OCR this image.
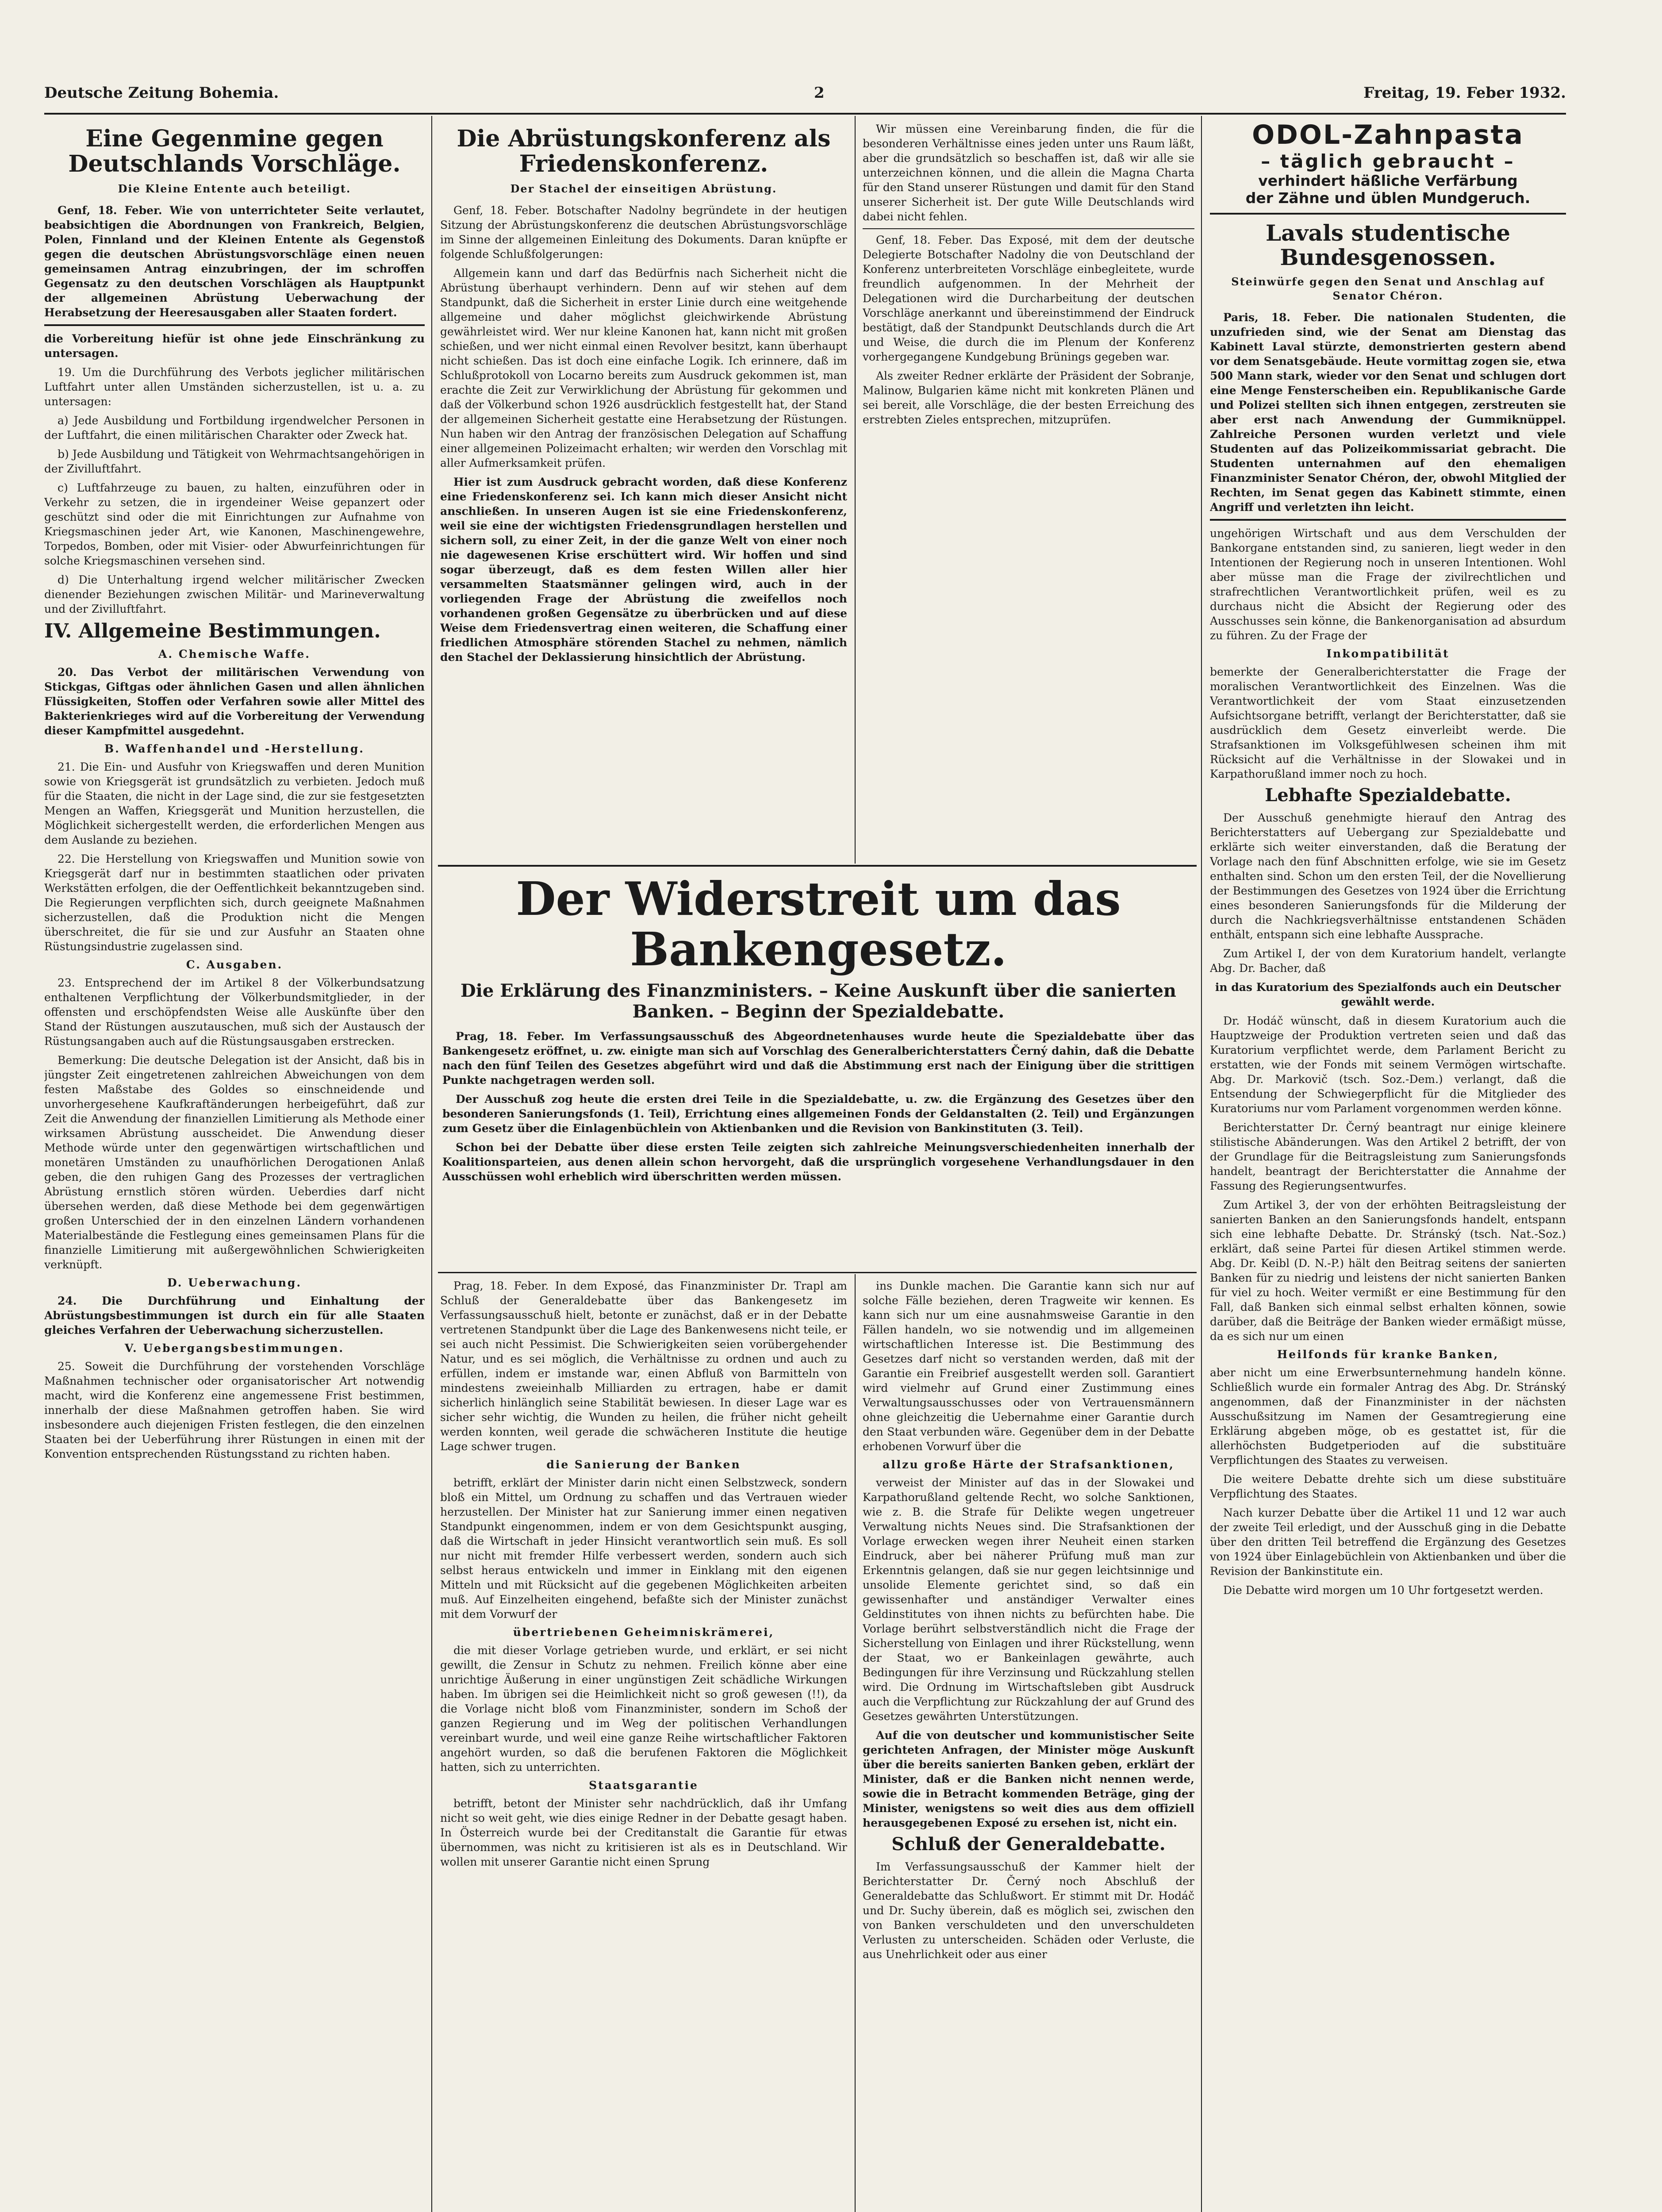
Deutsche Zeitung Bohemia.	2	Freitag, 19. Feber 1932.
Eine Gegenmine gegen Deutschlands Vorschläge.
Die Kleine Entente auch beteiligt.

Genf, 18. Feber. Wie von unterrichteter Seite verlautet, beabsichtigen die Abordnungen von Frankreich, Belgien, Polen, Finnland und der Kleinen Entente als Gegenstoß gegen die deutschen Abrüstungsvorschläge einen neuen gemeinsamen Antrag einzubringen, der im schroffen Gegensatz zu den deutschen Vorschlägen als Hauptpunkt der allgemeinen Abrüstung Ueberwachung der Herabsetzung der Heeresausgaben aller Staaten fordert.

die Vorbereitung hiefür ist ohne jede Einschränkung zu untersagen.

19. Um die Durchführung des Verbots jeglicher militärischen Luftfahrt unter allen Umständen sicherzustellen, ist u. a. zu untersagen:

a) Jede Ausbildung und Fortbildung irgendwelcher Personen in der Luftfahrt, die einen militärischen Charakter oder Zweck hat.

b) Jede Ausbildung und Tätigkeit von Wehrmachtsangehörigen in der Zivilluftfahrt.

c) Luftfahrzeuge zu bauen, zu halten, einzuführen oder in Verkehr zu setzen, die in irgendeiner Weise gepanzert oder geschützt sind oder die mit Einrichtungen zur Aufnahme von Kriegsmaschinen jeder Art, wie Kanonen, Maschinengewehre, Torpedos, Bomben, oder mit Visier- oder Abwurfeinrichtungen für solche Kriegsmaschinen versehen sind.

d) Die Unterhaltung irgend welcher militärischer Zwecken dienender Beziehungen zwischen Militär- und Marineverwaltung und der Zivilluftfahrt.

IV. Allgemeine Bestimmungen.
A. Chemische Waffe.

20. Das Verbot der militärischen Verwendung von Stickgas, Giftgas oder ähnlichen Gasen und allen ähnlichen Flüssigkeiten, Stoffen oder Verfahren sowie aller Mittel des Bakterienkrieges wird auf die Vorbereitung der Verwendung dieser Kampfmittel ausgedehnt.

B. Waffenhandel und -Herstellung.

21. Die Ein- und Ausfuhr von Kriegswaffen und deren Munition sowie von Kriegsgerät ist grundsätzlich zu verbieten. Jedoch muß für die Staaten, die nicht in der Lage sind, die zur sie festgesetzten Mengen an Waffen, Kriegsgerät und Munition herzustellen, die Möglichkeit sichergestellt werden, die erforderlichen Mengen aus dem Auslande zu beziehen.

22. Die Herstellung von Kriegswaffen und Munition sowie von Kriegsgerät darf nur in bestimmten staatlichen oder privaten Werkstätten erfolgen, die der Oeffentlichkeit bekanntzugeben sind. Die Regierungen verpflichten sich, durch geeignete Maßnahmen sicherzustellen, daß die Produktion nicht die Mengen überschreitet, die für sie und zur Ausfuhr an Staaten ohne Rüstungsindustrie zugelassen sind.

C. Ausgaben.

23. Entsprechend der im Artikel 8 der Völkerbundsatzung enthaltenen Verpflichtung der Völkerbundsmitglieder, in der offensten und erschöpfendsten Weise alle Auskünfte über den Stand der Rüstungen auszutauschen, muß sich der Austausch der Rüstungsangaben auch auf die Rüstungsausgaben erstrecken.

Bemerkung: Die deutsche Delegation ist der Ansicht, daß bis in jüngster Zeit eingetretenen zahlreichen Abweichungen von dem festen Maßstabe des Goldes so einschneidende und unvorhergesehene Kaufkraftänderungen herbeigeführt, daß zur Zeit die Anwendung der finanziellen Limitierung als Methode einer wirksamen Abrüstung ausscheidet. Die Anwendung dieser Methode würde unter den gegenwärtigen wirtschaftlichen und monetären Umständen zu unaufhörlichen Derogationen Anlaß geben, die den ruhigen Gang des Prozesses der vertraglichen Abrüstung ernstlich stören würden. Ueberdies darf nicht übersehen werden, daß diese Methode bei dem gegenwärtigen großen Unterschied der in den einzelnen Ländern vorhandenen Materialbestände die Festlegung eines gemeinsamen Plans für die finanzielle Limitierung mit außergewöhnlichen Schwierigkeiten verknüpft.

D. Ueberwachung.

24. Die Durchführung und Einhaltung der Abrüstungsbestimmungen ist durch ein für alle Staaten gleiches Verfahren der Ueberwachung sicherzustellen.

V. Uebergangsbestimmungen.

25. Soweit die Durchführung der vorstehenden Vorschläge Maßnahmen technischer oder organisatorischer Art notwendig macht, wird die Konferenz eine angemessene Frist bestimmen, innerhalb der diese Maßnahmen getroffen haben. Sie wird insbesondere auch diejenigen Fristen festlegen, die den einzelnen Staaten bei der Ueberführung ihrer Rüstungen in einen mit der Konvention entsprechenden Rüstungsstand zu richten haben.

Die Abrüstungskonferenz als Friedenskonferenz.
Der Stachel der einseitigen Abrüstung.

Genf, 18. Feber. Botschafter Nadolny begründete in der heutigen Sitzung der Abrüstungskonferenz die deutschen Abrüstungsvorschläge im Sinne der allgemeinen Einleitung des Dokuments. Daran knüpfte er folgende Schlußfolgerungen:

Allgemein kann und darf das Bedürfnis nach Sicherheit nicht die Abrüstung überhaupt verhindern. Denn auf wir stehen auf dem Standpunkt, daß die Sicherheit in erster Linie durch eine weitgehende allgemeine und daher möglichst gleichwirkende Abrüstung gewährleistet wird. Wer nur kleine Kanonen hat, kann nicht mit großen schießen, und wer nicht einmal einen Revolver besitzt, kann überhaupt nicht schießen. Das ist doch eine einfache Logik. Ich erinnere, daß im Schlußprotokoll von Locarno bereits zum Ausdruck gekommen ist, man erachte die Zeit zur Verwirklichung der Abrüstung für gekommen und daß der Völkerbund schon 1926 ausdrücklich festgestellt hat, der Stand der allgemeinen Sicherheit gestatte eine Herabsetzung der Rüstungen. Nun haben wir den Antrag der französischen Delegation auf Schaffung einer allgemeinen Polizeimacht erhalten; wir werden den Vorschlag mit aller Aufmerksamkeit prüfen.

Hier ist zum Ausdruck gebracht worden, daß diese Konferenz eine Friedenskonferenz sei. Ich kann mich dieser Ansicht nicht anschließen. In unseren Augen ist sie eine Friedenskonferenz, weil sie eine der wichtigsten Friedensgrundlagen herstellen und sichern soll, zu einer Zeit, in der die ganze Welt von einer noch nie dagewesenen Krise erschüttert wird. Wir hoffen und sind sogar überzeugt, daß es dem festen Willen aller hier versammelten Staatsmänner gelingen wird, auch in der vorliegenden Frage der Abrüstung die zweifellos noch vorhandenen großen Gegensätze zu überbrücken und auf diese Weise dem Friedensvertrag einen weiteren, die Schaffung einer friedlichen Atmosphäre störenden Stachel zu nehmen, nämlich den Stachel der Deklassierung hinsichtlich der Abrüstung.

Wir müssen eine Vereinbarung finden, die für die besonderen Verhältnisse eines jeden unter uns Raum läßt, aber die grundsätzlich so beschaffen ist, daß wir alle sie unterzeichnen können, und die allein die Magna Charta für den Stand unserer Rüstungen und damit für den Stand unserer Sicherheit ist. Der gute Wille Deutschlands wird dabei nicht fehlen.

Genf, 18. Feber. Das Exposé, mit dem der deutsche Delegierte Botschafter Nadolny die von Deutschland der Konferenz unterbreiteten Vorschläge einbegleitete, wurde freundlich aufgenommen. In der Mehrheit der Delegationen wird die Durcharbeitung der deutschen Vorschläge anerkannt und übereinstimmend der Eindruck bestätigt, daß der Standpunkt Deutschlands durch die Art und Weise, die durch die im Plenum der Konferenz vorhergegangene Kundgebung Brünings gegeben war.

Als zweiter Redner erklärte der Präsident der Sobranje, Malinow, Bulgarien käme nicht mit konkreten Plänen und sei bereit, alle Vorschläge, die der besten Erreichung des erstrebten Zieles entsprechen, mitzuprüfen.

Der Widerstreit um das Bankengesetz.
Die Erklärung des Finanzministers. – Keine Auskunft über die sanierten Banken. – Beginn der Spezialdebatte.

Prag, 18. Feber. Im Verfassungsausschuß des Abgeordnetenhauses wurde heute die Spezialdebatte über das Bankengesetz eröffnet, u. zw. einigte man sich auf Vorschlag des Generalberichterstatters Černý dahin, daß die Debatte nach den fünf Teilen des Gesetzes abgeführt wird und daß die Abstimmung erst nach der Einigung über die strittigen Punkte nachgetragen werden soll.

Der Ausschuß zog heute die ersten drei Teile in die Spezialdebatte, u. zw. die Ergänzung des Gesetzes über den besonderen Sanierungsfonds (1. Teil), Errichtung eines allgemeinen Fonds der Geldanstalten (2. Teil) und Ergänzungen zum Gesetz über die Einlagenbüchlein von Aktienbanken und die Revision von Bankinstituten (3. Teil).

Schon bei der Debatte über diese ersten Teile zeigten sich zahlreiche Meinungsverschiedenheiten innerhalb der Koalitionsparteien, aus denen allein schon hervorgeht, daß die ursprünglich vorgesehene Verhandlungsdauer in den Ausschüssen wohl erheblich wird überschritten werden müssen.

Prag, 18. Feber. In dem Exposé, das Finanzminister Dr. Trapl am Schluß der Generaldebatte über das Bankengesetz im Verfassungsausschuß hielt, betonte er zunächst, daß er in der Debatte vertretenen Standpunkt über die Lage des Bankenwesens nicht teile, er sei auch nicht Pessimist. Die Schwierigkeiten seien vorübergehender Natur, und es sei möglich, die Verhältnisse zu ordnen und auch zu erfüllen, indem er imstande war, einen Abfluß von Barmitteln von mindestens zweieinhalb Milliarden zu ertragen, habe er damit sicherlich hinlänglich seine Stabilität bewiesen. In dieser Lage war es sicher sehr wichtig, die Wunden zu heilen, die früher nicht geheilt werden konnten, weil gerade die schwächeren Institute die heutige Lage schwer trugen.

die Sanierung der Banken

betrifft, erklärt der Minister darin nicht einen Selbstzweck, sondern bloß ein Mittel, um Ordnung zu schaffen und das Vertrauen wieder herzustellen. Der Minister hat zur Sanierung immer einen negativen Standpunkt eingenommen, indem er von dem Gesichtspunkt ausging, daß die Wirtschaft in jeder Hinsicht verantwortlich sein muß. Es soll nur nicht mit fremder Hilfe verbessert werden, sondern auch sich selbst heraus entwickeln und immer in Einklang mit den eigenen Mitteln und mit Rücksicht auf die gegebenen Möglichkeiten arbeiten muß. Auf Einzelheiten eingehend, befaßte sich der Minister zunächst mit dem Vorwurf der

übertriebenen Geheimniskrämerei,

die mit dieser Vorlage getrieben wurde, und erklärt, er sei nicht gewillt, die Zensur in Schutz zu nehmen. Freilich könne aber eine unrichtige Äußerung in einer ungünstigen Zeit schädliche Wirkungen haben. Im übrigen sei die Heimlichkeit nicht so groß gewesen (!!), da die Vorlage nicht bloß vom Finanzminister, sondern im Schoß der ganzen Regierung und im Weg der politischen Verhandlungen vereinbart wurde, und weil eine ganze Reihe wirtschaftlicher Faktoren angehört wurden, so daß die berufenen Faktoren die Möglichkeit hatten, sich zu unterrichten.

Staatsgarantie

betrifft, betont der Minister sehr nachdrücklich, daß ihr Umfang nicht so weit geht, wie dies einige Redner in der Debatte gesagt haben. In Österreich wurde bei der Creditanstalt die Garantie für etwas übernommen, was nicht zu kritisieren ist als es in Deutschland. Wir wollen mit unserer Garantie nicht einen Sprung

ins Dunkle machen. Die Garantie kann sich nur auf solche Fälle beziehen, deren Tragweite wir kennen. Es kann sich nur um eine ausnahmsweise Garantie in den Fällen handeln, wo sie notwendig und im allgemeinen wirtschaftlichen Interesse ist. Die Bestimmung des Gesetzes darf nicht so verstanden werden, daß mit der Garantie ein Freibrief ausgestellt werden soll. Garantiert wird vielmehr auf Grund einer Zustimmung eines Verwaltungsausschusses oder von Vertrauensmännern ohne gleichzeitig die Uebernahme einer Garantie durch den Staat verbunden wäre. Gegenüber dem in der Debatte erhobenen Vorwurf über die

allzu große Härte der Strafsanktionen,

verweist der Minister auf das in der Slowakei und Karpathorußland geltende Recht, wo solche Sanktionen, wie z. B. die Strafe für Delikte wegen ungetreuer Verwaltung nichts Neues sind. Die Strafsanktionen der Vorlage erwecken wegen ihrer Neuheit einen starken Eindruck, aber bei näherer Prüfung muß man zur Erkenntnis gelangen, daß sie nur gegen leichtsinnige und unsolide Elemente gerichtet sind, so daß ein gewissenhafter und anständiger Verwalter eines Geldinstitutes von ihnen nichts zu befürchten habe. Die Vorlage berührt selbstverständlich nicht die Frage der Sicherstellung von Einlagen und ihrer Rückstellung, wenn der Staat, wo er Bankeinlagen gewährte, auch Bedingungen für ihre Verzinsung und Rückzahlung stellen wird. Die Ordnung im Wirtschaftsleben gibt Ausdruck auch die Verpflichtung zur Rückzahlung der auf Grund des Gesetzes gewährten Unterstützungen.

Auf die von deutscher und kommunistischer Seite gerichteten Anfragen, der Minister möge Auskunft über die bereits sanierten Banken geben, erklärt der Minister, daß er die Banken nicht nennen werde, sowie die in Betracht kommenden Beträge, ging der Minister, wenigstens so weit dies aus dem offiziell herausgegebenen Exposé zu ersehen ist, nicht ein.

Schluß der Generaldebatte.

Im Verfassungsausschuß der Kammer hielt der Berichterstatter Dr. Černý noch Abschluß der Generaldebatte das Schlußwort. Er stimmt mit Dr. Hodáč und Dr. Suchy überein, daß es möglich sei, zwischen den von Banken verschuldeten und den unverschuldeten Verlusten zu unterscheiden. Schäden oder Verluste, die aus Unehrlichkeit oder aus einer

ODOL-Zahnpasta
– täglich gebraucht –
verhindert häßliche Verfärbung
der Zähne und üblen Mundgeruch.
Lavals studentische Bundesgenossen.
Steinwürfe gegen den Senat und Anschlag auf Senator Chéron.

Paris, 18. Feber. Die nationalen Studenten, die unzufrieden sind, wie der Senat am Dienstag das Kabinett Laval stürzte, demonstrierten gestern abend vor dem Senatsgebäude. Heute vormittag zogen sie, etwa 500 Mann stark, wieder vor den Senat und schlugen dort eine Menge Fensterscheiben ein. Republikanische Garde und Polizei stellten sich ihnen entgegen, zerstreuten sie aber erst nach Anwendung der Gummiknüppel. Zahlreiche Personen wurden verletzt und viele Studenten auf das Polizeikommissariat gebracht. Die Studenten unternahmen auf den ehemaligen Finanzminister Senator Chéron, der, obwohl Mitglied der Rechten, im Senat gegen das Kabinett stimmte, einen Angriff und verletzten ihn leicht.

ungehörigen Wirtschaft und aus dem Verschulden der Bankorgane entstanden sind, zu sanieren, liegt weder in den Intentionen der Regierung noch in unseren Intentionen. Wohl aber müsse man die Frage der zivilrechtlichen und strafrechtlichen Verantwortlichkeit prüfen, weil es zu durchaus nicht die Absicht der Regierung oder des Ausschusses sein könne, die Bankenorganisation ad absurdum zu führen. Zu der Frage der

Inkompatibilität

bemerkte der Generalberichterstatter die Frage der moralischen Verantwortlichkeit des Einzelnen. Was die Verantwortlichkeit der vom Staat einzusetzenden Aufsichtsorgane betrifft, verlangt der Berichterstatter, daß sie ausdrücklich dem Gesetz einverleibt werde. Die Strafsanktionen im Volksgefühlwesen scheinen ihm mit Rücksicht auf die Verhältnisse in der Slowakei und in Karpathorußland immer noch zu hoch.

Lebhafte Spezialdebatte.

Der Ausschuß genehmigte hierauf den Antrag des Berichterstatters auf Uebergang zur Spezialdebatte und erklärte sich weiter einverstanden, daß die Beratung der Vorlage nach den fünf Abschnitten erfolge, wie sie im Gesetz enthalten sind. Schon um den ersten Teil, der die Novellierung der Bestimmungen des Gesetzes von 1924 über die Errichtung eines besonderen Sanierungsfonds für die Milderung der durch die Nachkriegsverhältnisse entstandenen Schäden enthält, entspann sich eine lebhafte Aussprache.

Zum Artikel I, der von dem Kuratorium handelt, verlangte Abg. Dr. Bacher, daß

in das Kuratorium des Spezialfonds auch ein Deutscher gewählt werde.

Dr. Hodáč wünscht, daß in diesem Kuratorium auch die Hauptzweige der Produktion vertreten seien und daß das Kuratorium verpflichtet werde, dem Parlament Bericht zu erstatten, wie der Fonds mit seinem Vermögen wirtschafte. Abg. Dr. Markovič (tsch. Soz.-Dem.) verlangt, daß die Entsendung der Schwiegerpflicht für die Mitglieder des Kuratoriums nur vom Parlament vorgenommen werden könne.

Berichterstatter Dr. Černý beantragt nur einige kleinere stilistische Abänderungen. Was den Artikel 2 betrifft, der von der Grundlage für die Beitragsleistung zum Sanierungsfonds handelt, beantragt der Berichterstatter die Annahme der Fassung des Regierungsentwurfes.

Zum Artikel 3, der von der erhöhten Beitragsleistung der sanierten Banken an den Sanierungsfonds handelt, entspann sich eine lebhafte Debatte. Dr. Stránský (tsch. Nat.-Soz.) erklärt, daß seine Partei für diesen Artikel stimmen werde. Abg. Dr. Keibl (D. N.-P.) hält den Beitrag seitens der sanierten Banken für zu niedrig und leistens der nicht sanierten Banken für viel zu hoch. Weiter vermißt er eine Bestimmung für den Fall, daß Banken sich einmal selbst erhalten können, sowie darüber, daß die Beiträge der Banken wieder ermäßigt müsse, da es sich nur um einen

Heilfonds für kranke Banken,

aber nicht um eine Erwerbsunternehmung handeln könne. Schließlich wurde ein formaler Antrag des Abg. Dr. Stránský angenommen, daß der Finanzminister in der nächsten Ausschußsitzung im Namen der Gesamtregierung eine Erklärung abgeben möge, ob es gestattet ist, für die allerhöchsten Budgetperioden auf die substituäre Verpflichtungen des Staates zu verweisen.

Die weitere Debatte drehte sich um diese substituäre Verpflichtung des Staates.

Nach kurzer Debatte über die Artikel 11 und 12 war auch der zweite Teil erledigt, und der Ausschuß ging in die Debatte über den dritten Teil betreffend die Ergänzung des Gesetzes von 1924 über Einlagebüchlein von Aktienbanken und über die Revision der Bankinstitute ein.

Die Debatte wird morgen um 10 Uhr fortgesetzt werden.
